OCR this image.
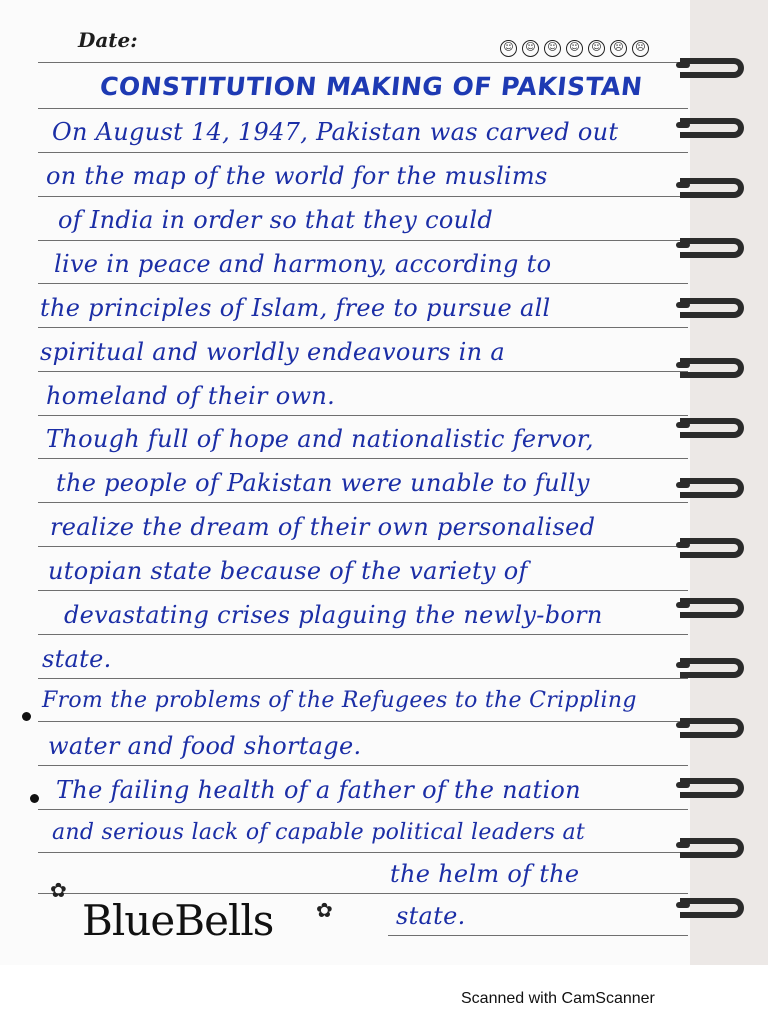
Date:	☺	☺	☺	☺	☺	☹	☹
CONSTITUTION MAKING OF PAKISTAN
On August 14, 1947, Pakistan was carved out
on the map of the world for the muslims
of India in order so that they could
live in peace and harmony, according to
the principles of Islam, free to pursue all
spiritual and worldly endeavours in a
homeland of their own.
Though full of hope and nationalistic fervor,
the people of Pakistan were unable to fully
realize the dream of their own personalised
utopian state because of the variety of
devastating crises plaguing the newly-born
state.
From the problems of the Refugees to the Crippling
water and food shortage.
The failing health of a father of the nation
and serious lack of capable political leaders at
the helm of the
state.
✿
✿
BlueBells
Scanned with CamScanner
